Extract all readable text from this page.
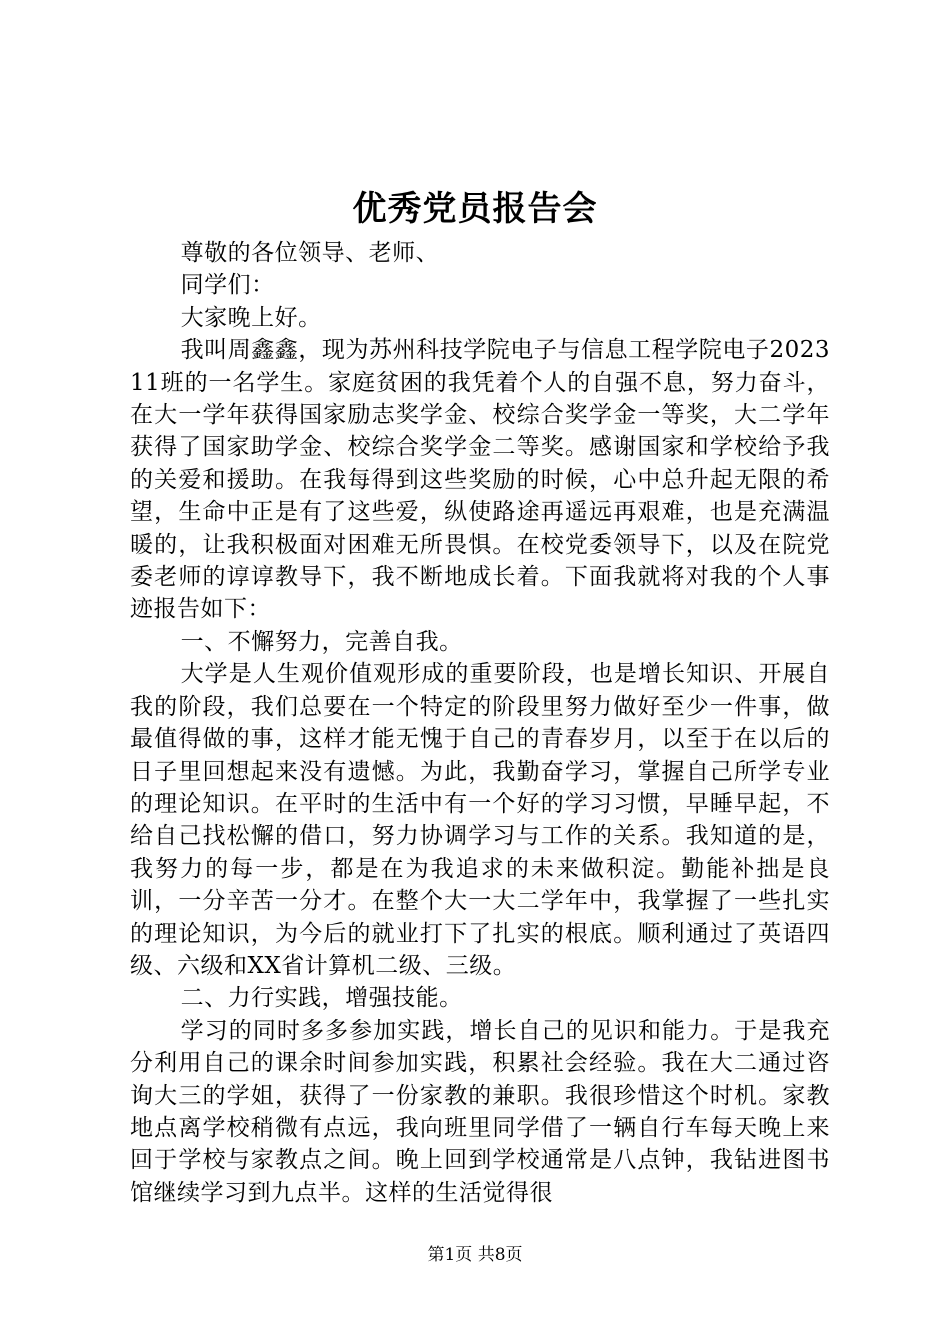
优秀党员报告会

尊敬的各位领导、老师、

同学们：

大家晚上好。

我叫周鑫鑫，现为苏州科技学院电子与信息工程学院电子202311班的一名学生。家庭贫困的我凭着个人的自强不息，努力奋斗，在大一学年获得国家励志奖学金、校综合奖学金一等奖，大二学年获得了国家助学金、校综合奖学金二等奖。感谢国家和学校给予我的关爱和援助。在我每得到这些奖励的时候，心中总升起无限的希望，生命中正是有了这些爱，纵使路途再遥远再艰难，也是充满温暖的，让我积极面对困难无所畏惧。在校党委领导下，以及在院党委老师的谆谆教导下，我不断地成长着。下面我就将对我的个人事迹报告如下：

一、不懈努力，完善自我。

大学是人生观价值观形成的重要阶段，也是增长知识、开展自我的阶段，我们总要在一个特定的阶段里努力做好至少一件事，做最值得做的事，这样才能无愧于自己的青春岁月，以至于在以后的日子里回想起来没有遗憾。为此，我勤奋学习，掌握自己所学专业的理论知识。在平时的生活中有一个好的学习习惯，早睡早起，不给自己找松懈的借口，努力协调学习与工作的关系。我知道的是，我努力的每一步，都是在为我追求的未来做积淀。勤能补拙是良训，一分辛苦一分才。在整个大一大二学年中，我掌握了一些扎实的理论知识，为今后的就业打下了扎实的根底。顺利通过了英语四级、六级和XX省计算机二级、三级。

二、力行实践，增强技能。

学习的同时多多参加实践，增长自己的见识和能力。于是我充分利用自己的课余时间参加实践，积累社会经验。我在大二通过咨询大三的学姐，获得了一份家教的兼职。我很珍惜这个时机。家教地点离学校稍微有点远，我向班里同学借了一辆自行车每天晚上来回于学校与家教点之间。晚上回到学校通常是八点钟，我钻进图书馆继续学习到九点半。这样的生活觉得很

第1页 共8页
